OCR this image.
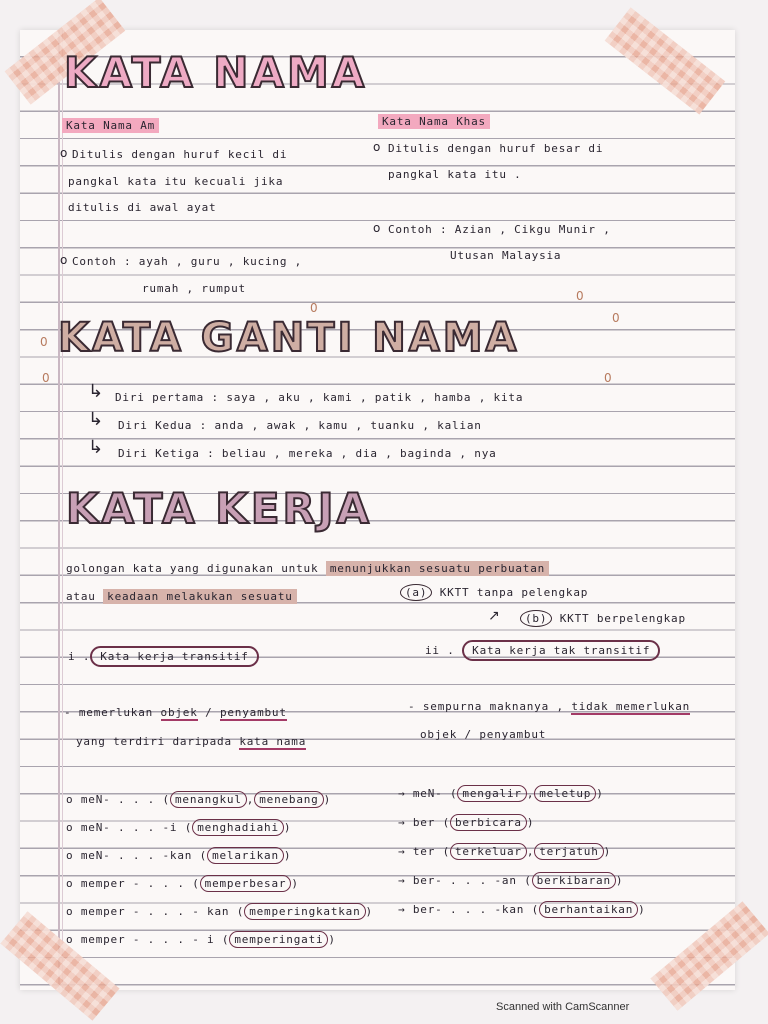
KATA NAMA
Kata Nama Am
o Ditulis dengan huruf kecil di
pangkal kata itu kecuali jika
ditulis di awal ayat
o Contoh : ayah , guru , kucing ,
rumah , rumput
Kata Nama Khas
o Ditulis dengan huruf besar di
pangkal kata itu .
o Contoh : Azian , Cikgu Munir ,
Utusan Malaysia
0
0
0
0
0	0
KATA GANTI NAMA
↳ Diri pertama : saya , aku , kami , patik , hamba , kita
↳ Diri Kedua : anda , awak , kamu , tuanku , kalian
↳ Diri Ketiga : beliau , mereka , dia , baginda , nya
KATA KERJA
golongan kata yang digunakan untuk menunjukkan sesuatu perbuatan
atau keadaan melakukan sesuatu	(a) KKTT tanpa pelengkap
↗	(b) KKTT berpelengkap
i . Kata kerja transitif	ii . Kata kerja tak transitif
- memerlukan objek / penyambut
yang terdiri daripada kata nama
- sempurna maknanya , tidak memerlukan
objek / penyambut
o meN- . . . ( menangkul , menebang )
o meN- . . . -i ( menghadiahi )
o meN- . . . -kan ( melarikan )
o memper - . . . ( memperbesar )
o memper - . . . - kan ( memperingkatkan )
o memper - . . . - i ( memperingati )
→ meN- ( mengalir , meletup )
→ ber ( berbicara )
→ ter ( terkeluar , terjatuh )
→ ber- . . . -an ( berkibaran )
→ ber- . . . -kan ( berhantaikan )
Scanned with CamScanner
